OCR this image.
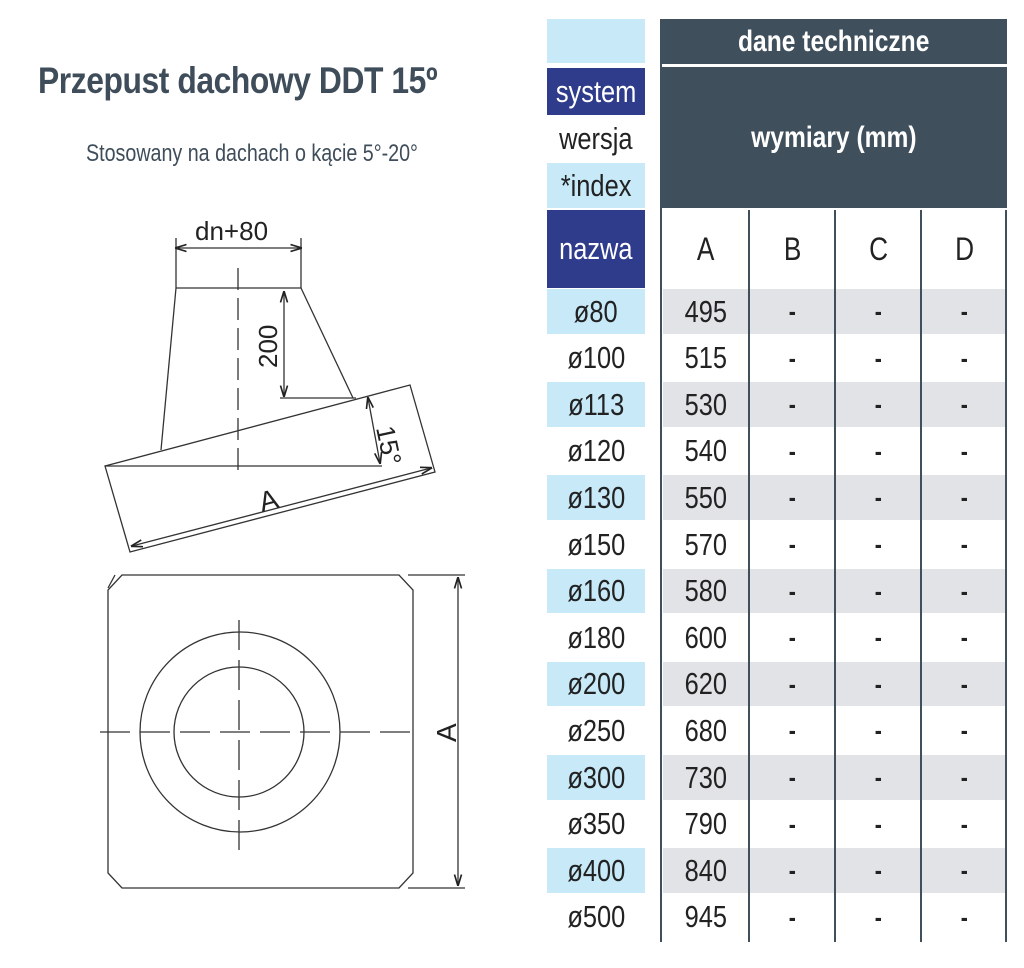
Przepust dachowy DDT 15º
Stosowany na dachach o kącie 5°-20°
dn+80
200
15°
A
A
dane techniczne
wymiary (mm)
system
wersja
*index
nazwa A B C D
ø80 495 -	-	-
ø100 515 -	-	-
ø113 530 -	-	-
ø120 540 -	-	-
ø130 550 -	-	-
ø150 570 -	-	-
ø160 580 -	-	-
ø180 600 -	-	-
ø200 620 -	-	-
ø250 680 -	-	-
ø300 730 -	-	-
ø350 790 -	-	-
ø400 840 -	-	-
ø500 945 -	-	-
